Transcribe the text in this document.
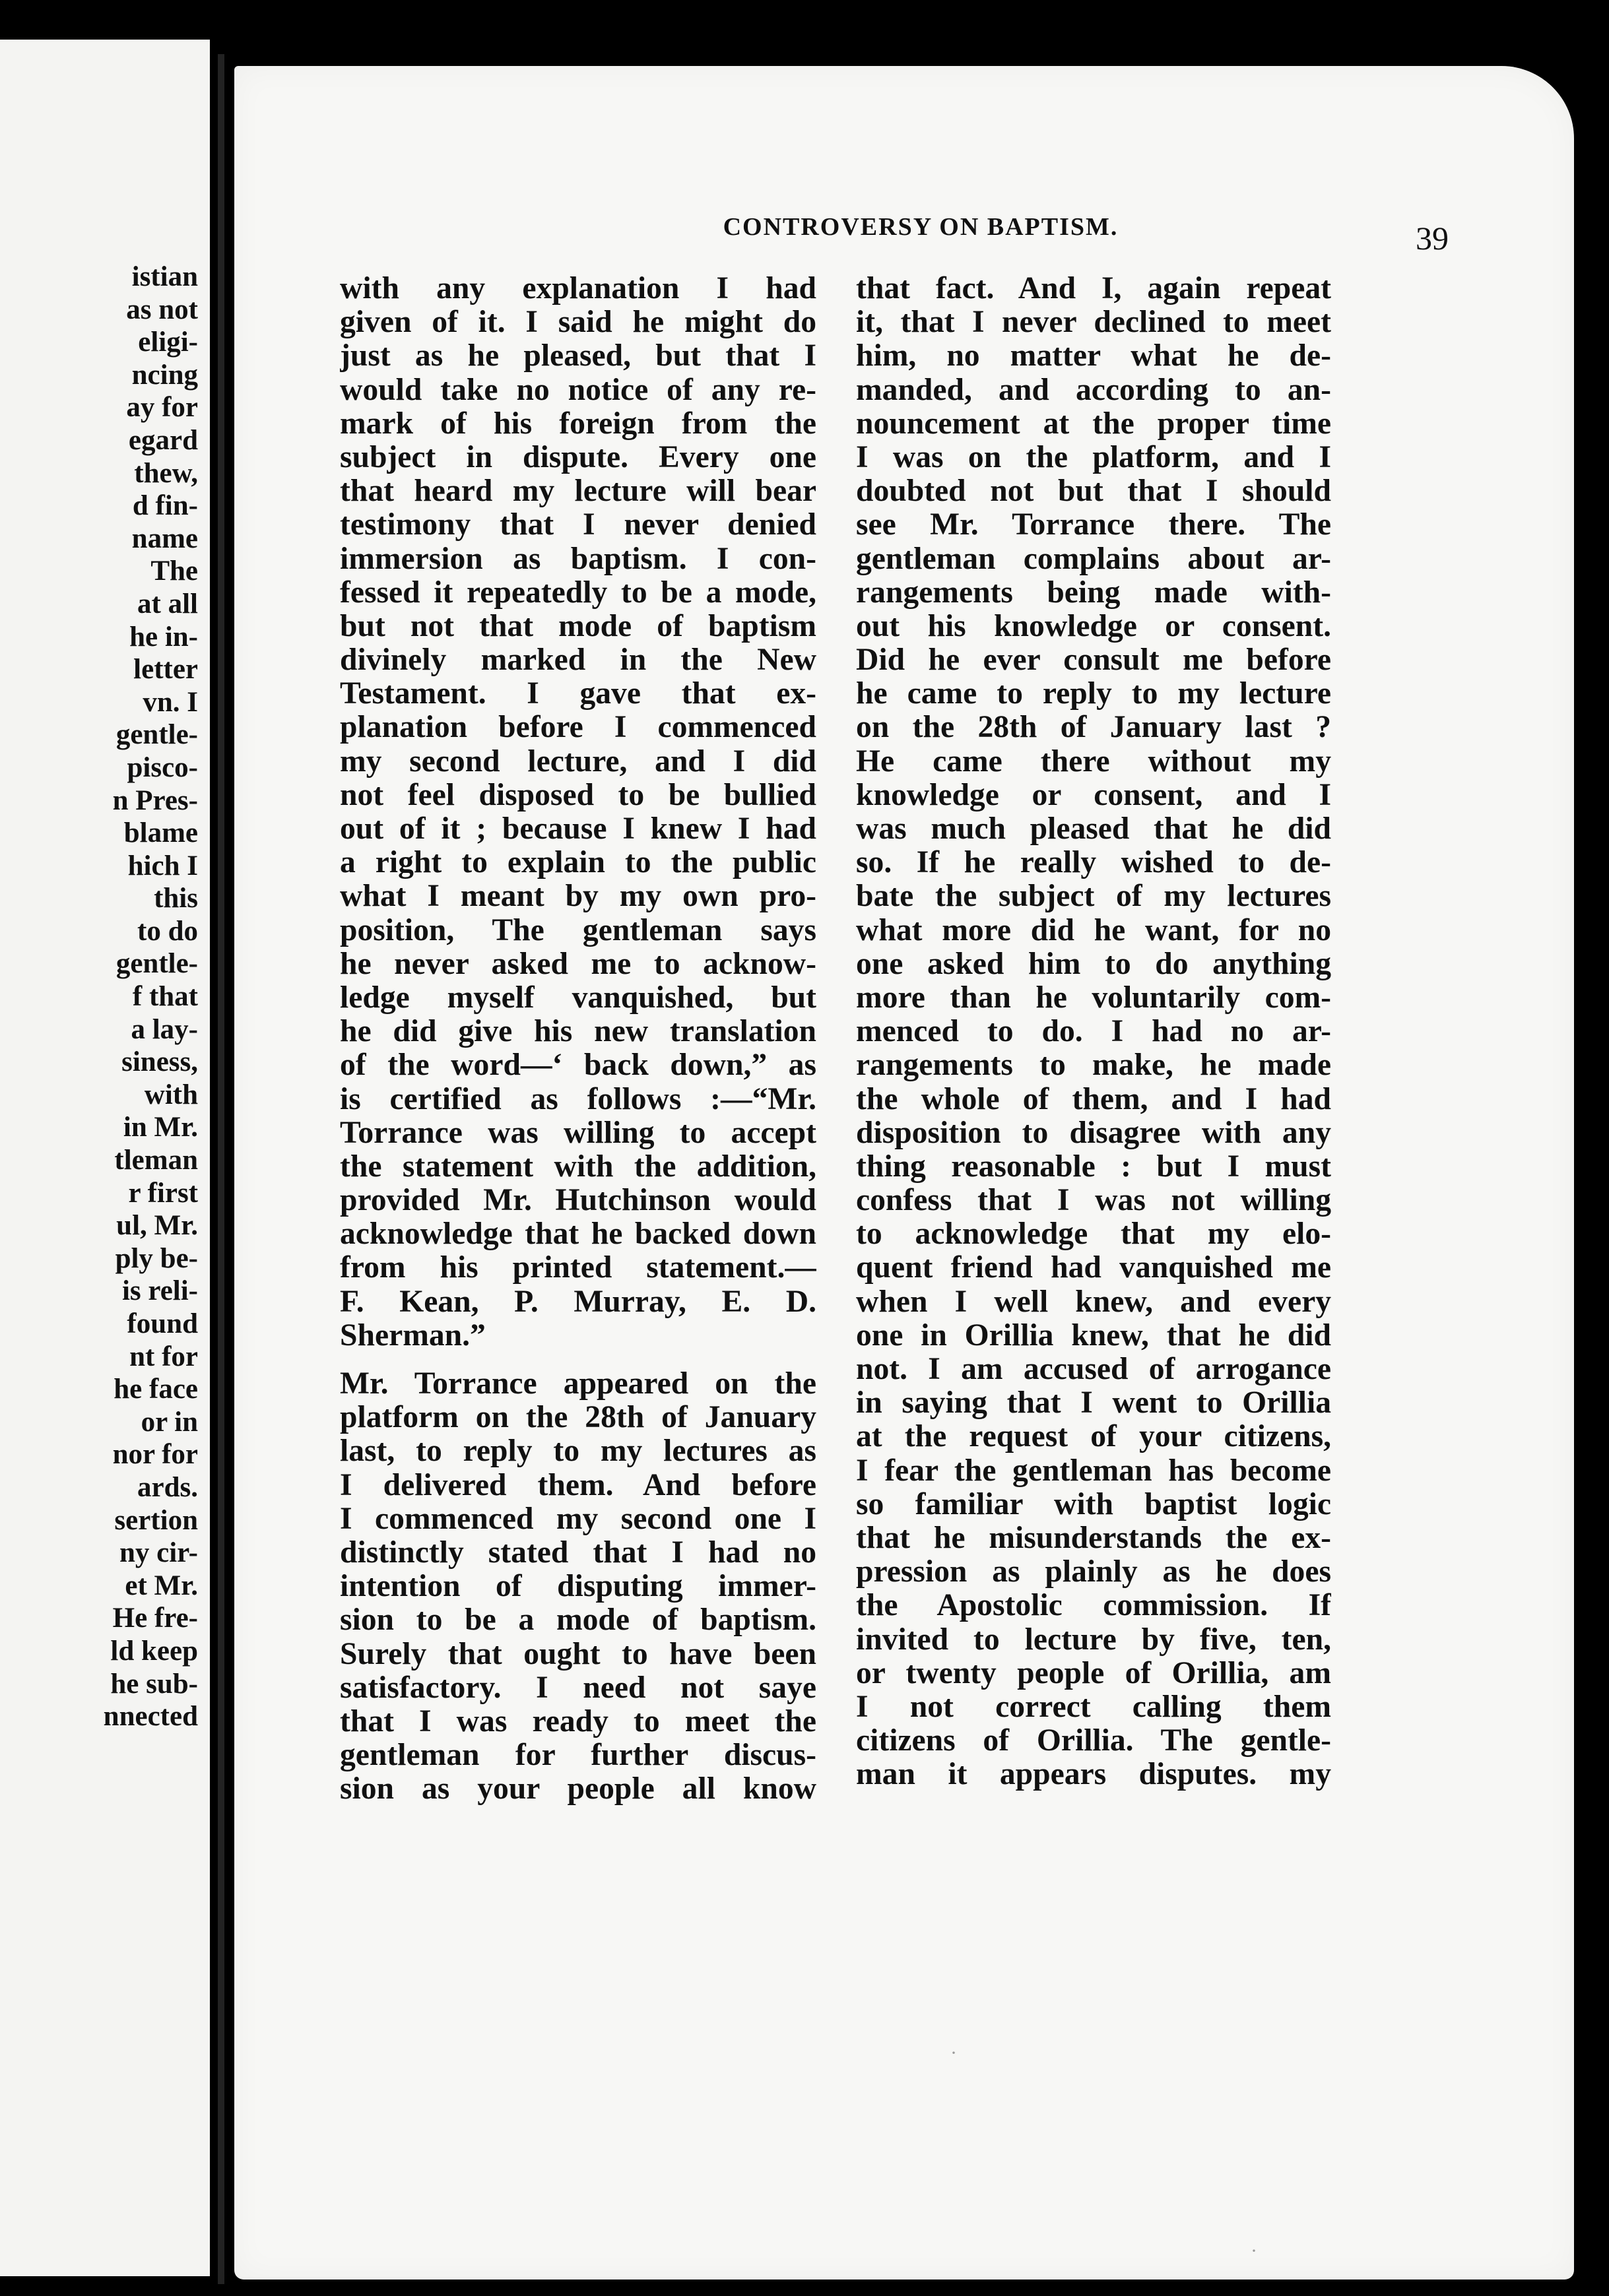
istian
as not
eligi-
ncing
ay for
egard
thew,
d fin-
name
The
at all
he in-
letter
vn. I
gentle-
piscо-
n Pres-
blame
hich I
this
to do
gentle-
f that
a lay-
siness,
with
in Mr.
tleman
r first
ul, Mr.
ply be-
is reli-
found
nt for
he face
or in
nor for
ards.
sertion
ny cir-
et Mr.
He fre-
ld keep
he sub-
nnected
CONTROVERSY ON BAPTISM.	39
with any explanation I had
given of it. I said he might do
just as he pleased, but that I
would take no notice of any re-
mark of his foreign from the
subject in dispute. Every one
that heard my lecture will bear
testimony that I never denied
immersion as baptism. I con-
fessed it repeatedly to be a mode,
but not that mode of baptism
divinely marked in the New
Testament. I gave that ex-
planation before I commenced
my second lecture, and I did
not feel disposed to be bullied
out of it ; because I knew I had
a right to explain to the public
what I meant by my own pro-
position, The gentleman says
he never asked me to acknow-
ledge myself vanquished, but
he did give his new translation
of the word—‘ back down,” as
is certified as follows :—“Mr.
Torrance was willing to accept
the statement with the addition,
provided Mr. Hutchinson would
acknowledge that he backed down
from his printed statement.—
F. Kean, P. Murray, E. D.
Sherman.”
Mr. Torrance appeared on the
platform on the 28th of January
last, to reply to my lectures as
I delivered them. And before
I commenced my second one I
distinctly stated that I had no
intention of disputing immer-
sion to be a mode of baptism.
Surely that ought to have been
satisfactory. I need not saye
that I was ready to meet the
gentleman for further discus-
sion as your people all know
that fact. And I, again repeat
it, that I never declined to meet
him, no matter what he de-
manded, and according to an-
nouncement at the proper time
I was on the platform, and I
doubted not but that I should
see Mr. Torrance there. The
gentleman complains about ar-
rangements being made with-
out his knowledge or consent.
Did he ever consult me before
he came to reply to my lecture
on the 28th of January last ?
He came there without my
knowledge or consent, and I
was much pleased that he did
so. If he really wished to de-
bate the subject of my lectures
what more did he want, for no
one asked him to do anything
more than he voluntarily com-
menced to do. I had no ar-
rangements to make, he made
the whole of them, and I had
disposition to disagree with any
thing reasonable : but I must
confess that I was not willing
to acknowledge that my elo-
quent friend had vanquished me
when I well knew, and every
one in Orillia knew, that he did
not. I am accused of arrogance
in saying that I went to Orillia
at the request of your citizens,
I fear the gentleman has become
so familiar with baptist logic
that he misunderstands the ex-
pression as plainly as he does
the Apostolic commission. If
invited to lecture by five, ten,
or twenty people of Orillia, am
I not correct calling them
citizens of Orillia. The gentle-
man it appears disputes. my
·
·
